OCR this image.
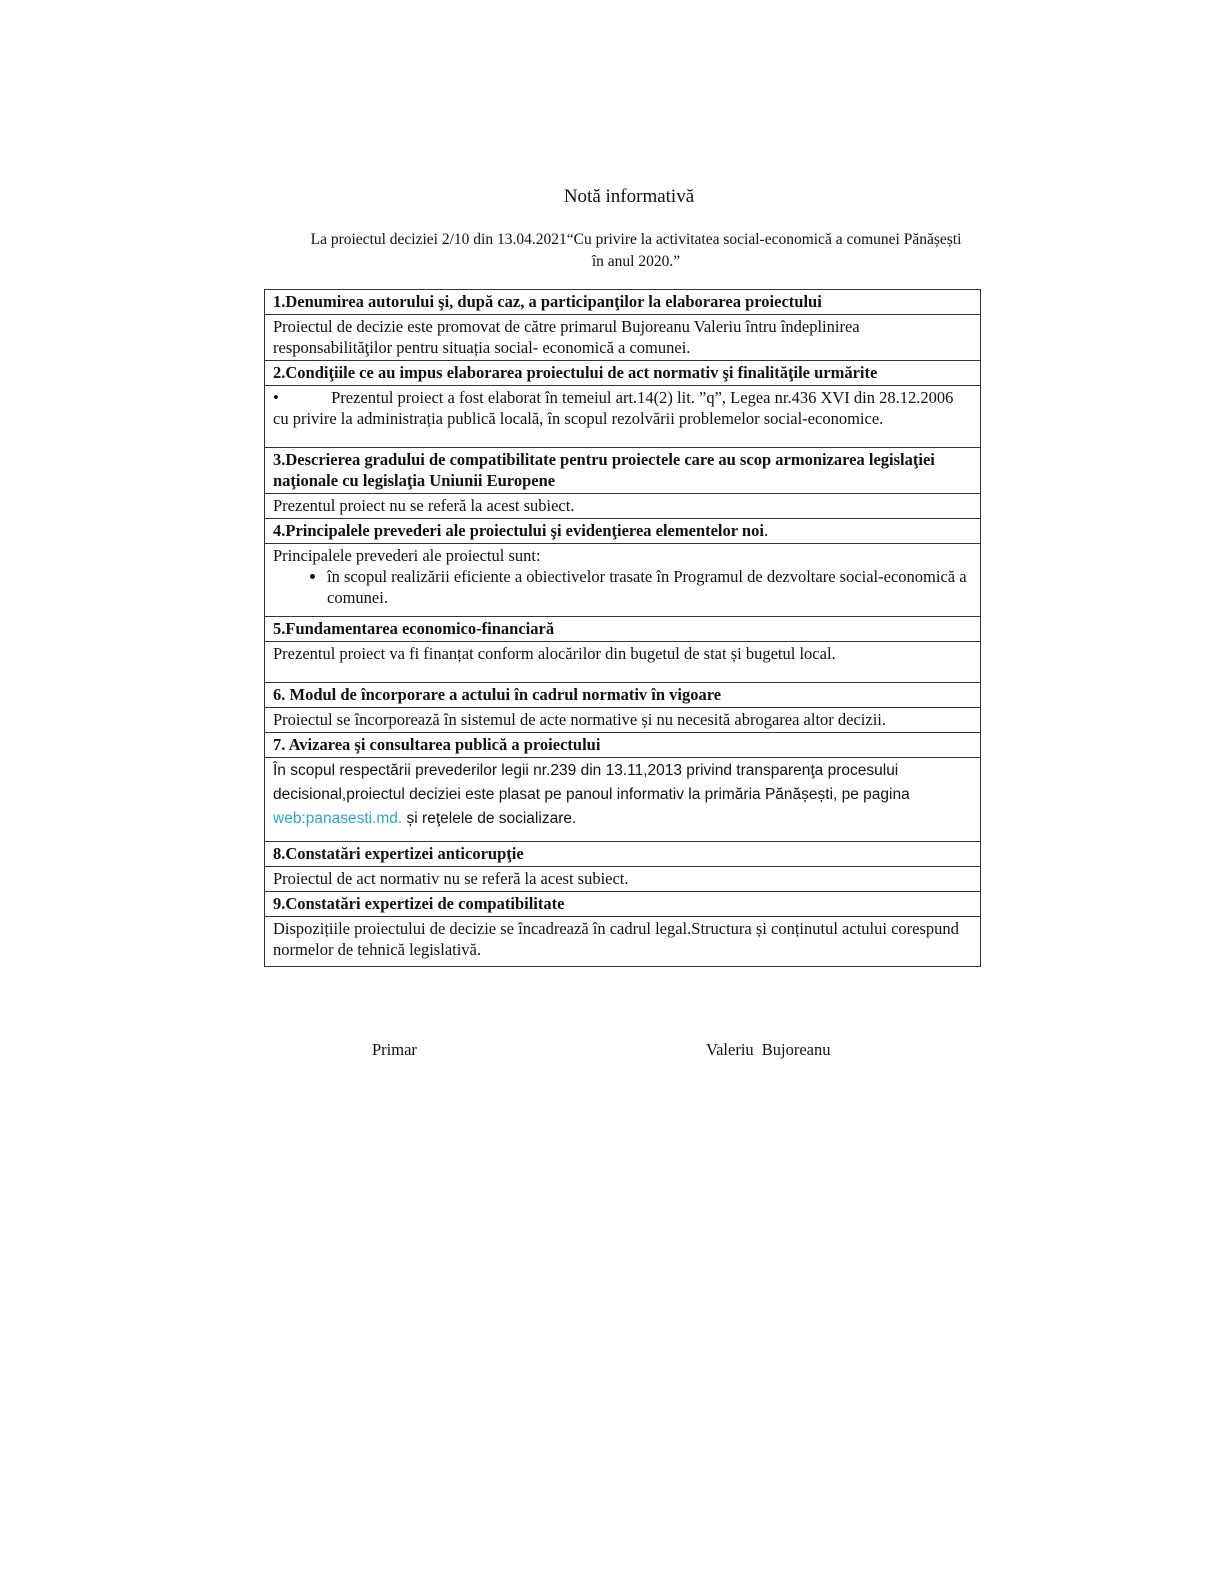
Notă informativă
La proiectul deciziei 2/10 din 13.04.2021“Cu privire la activitatea social-economică a comunei Pănășești
în anul 2020.”
1.Denumirea autorului şi, după caz, a participanţilor la elaborarea proiectului
Proiectul de decizie este promovat de către primarul Bujoreanu Valeriu întru îndeplinirea responsabilităţilor pentru situația social- economică a comunei.
2.Condiţiile ce au impus elaborarea proiectului de act normativ şi finalităţile urmărite

•	Prezentul proiect a fost elaborat în temeiul art.14(2) lit. ”q”, Legea nr.436 XVI din 28.12.2006 cu privire la administrația publică locală, în scopul rezolvării problemelor social-economice.

3.Descrierea gradului de compatibilitate pentru proiectele care au scop armonizarea legislaţiei naţionale cu legislaţia Uniunii Europene
Prezentul proiect nu se referă la acest subiect.
4.Principalele prevederi ale proiectului şi evidenţierea elementelor noi.

Principalele prevederi ale proiectul sunt:
• în scopul realizării eficiente a obiectivelor trasate în Programul de dezvoltare social-economică a comunei.

5.Fundamentarea economico-financiară
Prezentul proiect va fi finanțat conform alocărilor din bugetul de stat și bugetul local.
6. Modul de încorporare a actului în cadrul normativ în vigoare
Proiectul se încorporează în sistemul de acte normative și nu necesită abrogarea altor decizii.
7. Avizarea şi consultarea publică a proiectului
În scopul respectării prevederilor legii nr.239 din 13.11,2013 privind transparenţa procesului decisional,proiectul deciziei este plasat pe panoul informativ la primăria Pănășești, pe pagina web:panasesti.md. și reţelele de socializare.
8.Constatări expertizei anticorupţie
Proiectul de act normativ nu se referă la acest subiect.
9.Constatări expertizei de compatibilitate
Dispozițiile proiectului de decizie se încadrează în cadrul legal.Structura și conținutul actului corespund normelor de tehnică legislativă.
Primar	Valeriu Bujoreanu
